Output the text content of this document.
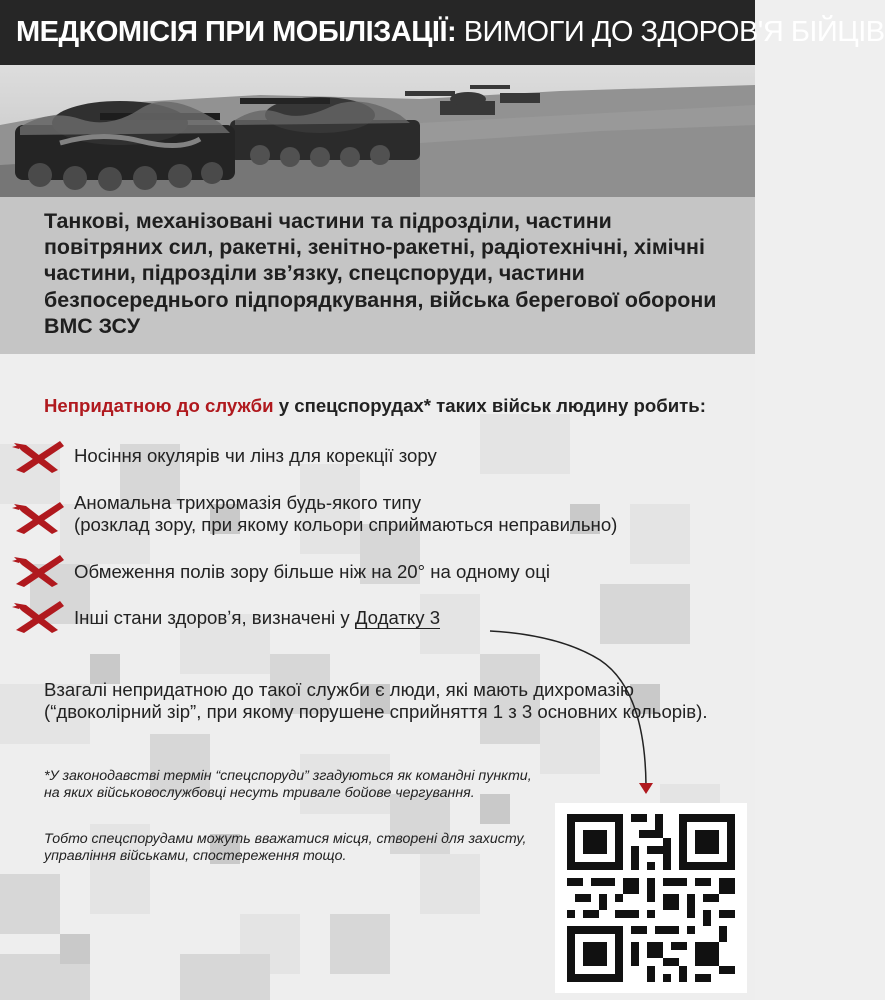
МЕДКОМІСІЯ ПРИ МОБІЛІЗАЦІЇ: ВИМОГИ ДО ЗДОРОВ'Я БІЙЦІВ
Танкові, механізовані частини та підрозділи, частини повітряних сил, ракетні, зенітно-ракетні, радіотехнічні, хімічні частини, підрозділи звʼязку, спецспоруди, частини безпосереднього підпорядкування, війська берегової оборони ВМС ЗСУ
Непридатною до служби у спецспорудах* таких військ людину робить:
Носіння окулярів чи лінз для корекції зору
Аномальна трихромазія будь-якого типу
(розклад зору, при якому кольори сприймаються неправильно)
Обмеження полів зору більше ніж на 20° на одному оці
Інші стани здоровʼя, визначені у Додатку 3
Взагалі непридатною до такої служби є люди, які мають дихромазію (“двоколірний зір”, при якому порушене сприйняття 1 з 3 основних кольорів).
*У законодавстві термін “спецспоруди” згадуються як командні пункти, на яких військовослужбовці несуть тривале бойове чергування.
Тобто спецспорудами можуть вважатися місця, створені для захисту, управління військами, спостереження тощо.
